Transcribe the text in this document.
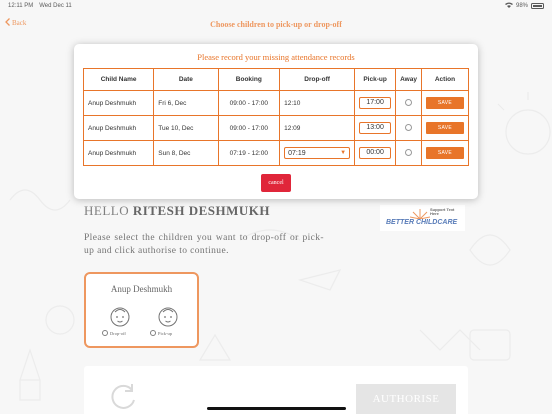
12:11 PM Wed Dec 11	98%
Back	Choose children to pick-up or drop-off
HELLO RITESH DESHMUKH
Please select the children you want to drop-off or pick-up and click authorise to continue.
Support Text Here
BETTER CHILDCARE
Anup Deshmukh
Drop-off	Pick-up
AUTHORISE
Please record your missing attendance records
Child Name	Date	Booking	Drop-off	Pick-up	Away	Action
Anup Deshmukh	Fri 6, Dec	09:00 - 17:00	12:10	17:00		SAVE
Anup Deshmukh	Tue 10, Dec	09:00 - 17:00	12:09	13:00		SAVE
Anup Deshmukh	Sun 8, Dec	07:19 - 12:00	07:19 ▼	00:00		SAVE
cancel
